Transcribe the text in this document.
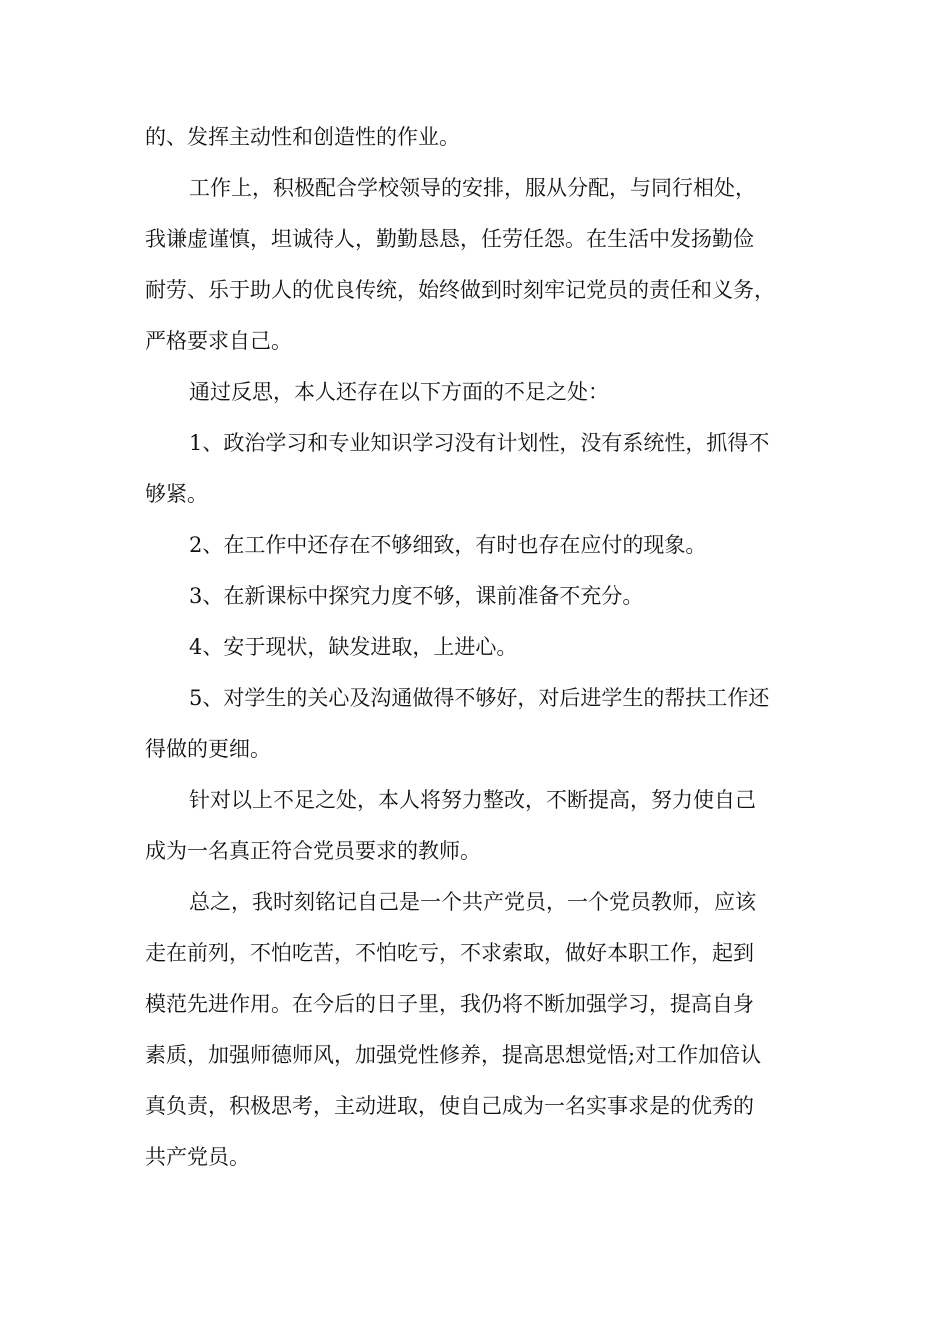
的、发挥主动性和创造性的作业。
工作上，积极配合学校领导的安排，服从分配，与同行相处，
我谦虚谨慎，坦诚待人，勤勤恳恳，任劳任怨。在生活中发扬勤俭
耐劳、乐于助人的优良传统，始终做到时刻牢记党员的责任和义务，
严格要求自己。
通过反思，本人还存在以下方面的不足之处：
1、政治学习和专业知识学习没有计划性，没有系统性，抓得不
够紧。
2、在工作中还存在不够细致，有时也存在应付的现象。
3、在新课标中探究力度不够，课前准备不充分。
4、安于现状，缺发进取，上进心。
5、对学生的关心及沟通做得不够好，对后进学生的帮扶工作还
得做的更细。
针对以上不足之处，本人将努力整改，不断提高，努力使自己
成为一名真正符合党员要求的教师。
总之，我时刻铭记自己是一个共产党员，一个党员教师，应该
走在前列，不怕吃苦，不怕吃亏，不求索取，做好本职工作，起到
模范先进作用。在今后的日子里，我仍将不断加强学习，提高自身
素质，加强师德师风，加强党性修养，提高思想觉悟;对工作加倍认
真负责，积极思考，主动进取，使自己成为一名实事求是的优秀的
共产党员。
